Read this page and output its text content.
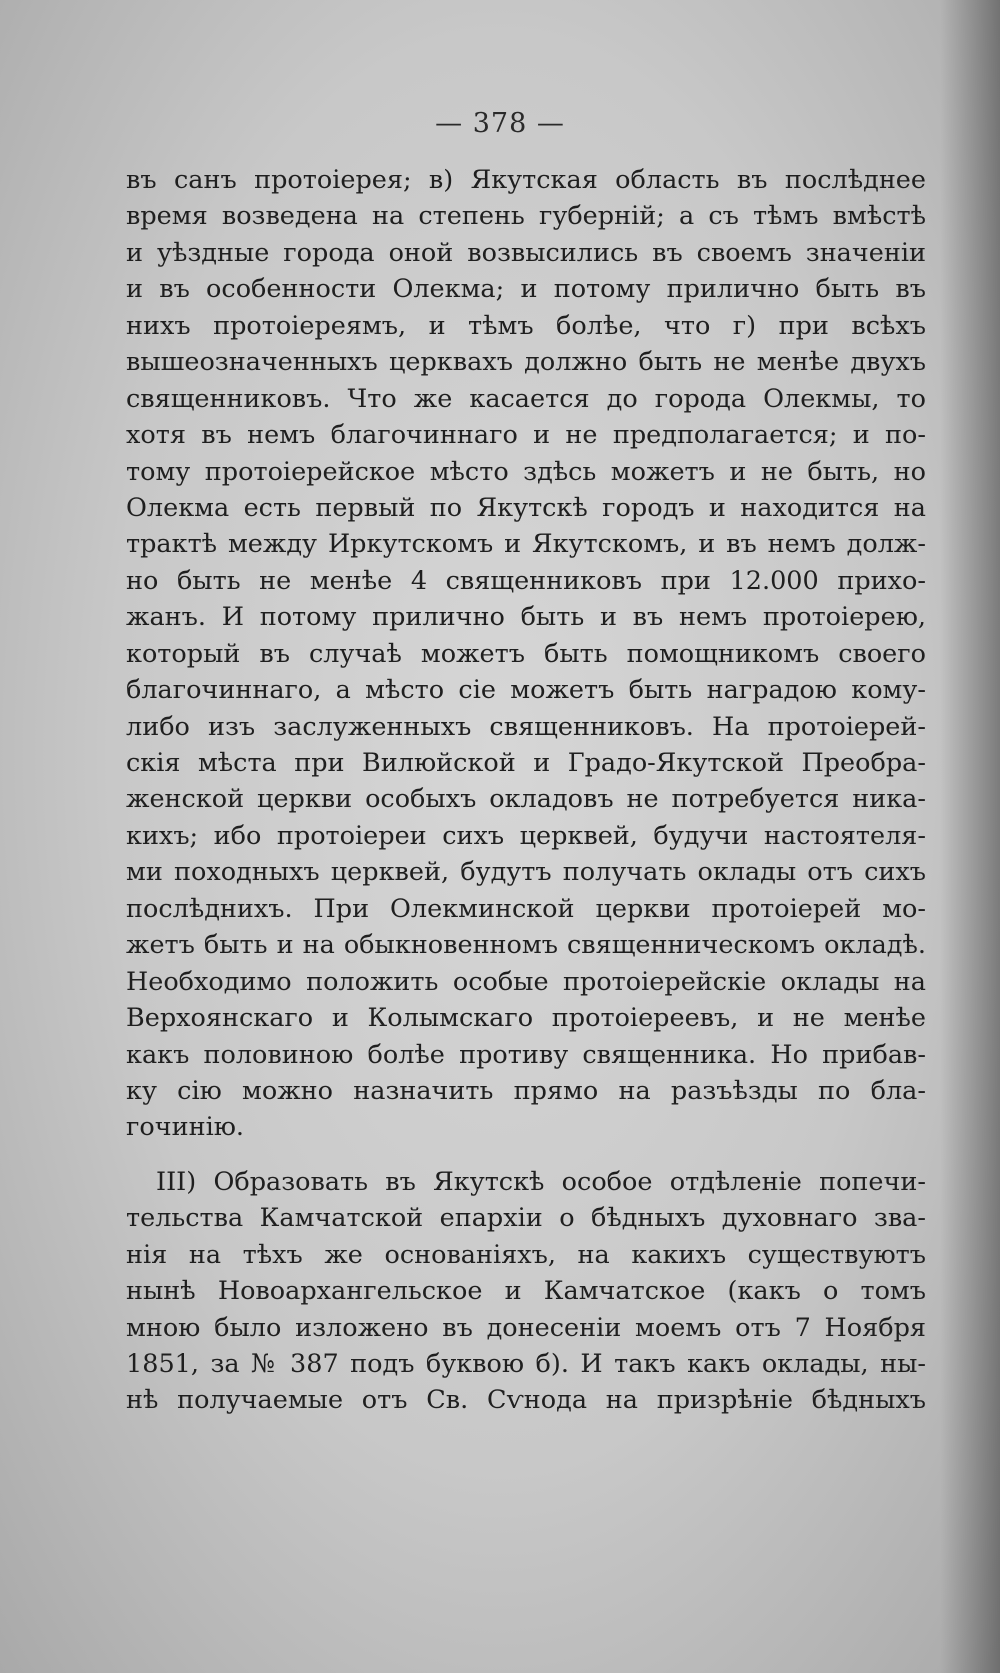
— 378 —
въ санъ протоіерея; в) Якутская область въ послѣднее
время возведена на степень губерній; а съ тѣмъ вмѣстѣ
и уѣздные города оной возвысились въ своемъ значеніи
и въ особенности Олекма; и потому прилично быть въ
нихъ протоіереямъ, и тѣмъ болѣе, что г) при всѣхъ
вышеозначенныхъ церквахъ должно быть не менѣе двухъ
священниковъ. Что же касается до города Олекмы, то
хотя въ немъ благочиннаго и не предполагается; и по-
тому протоіерейское мѣсто здѣсь можетъ и не быть, но
Олекма есть первый по Якутскѣ городъ и находится на
трактѣ между Иркутскомъ и Якутскомъ, и въ немъ долж-
но быть не менѣе 4 священниковъ при 12.000 прихо-
жанъ. И потому прилично быть и въ немъ протоіерею,
который въ случаѣ можетъ быть помощникомъ своего
благочиннаго, а мѣсто сіе можетъ быть наградою кому-
либо изъ заслуженныхъ священниковъ. На протоіерей-
скія мѣста при Вилюйской и Градо-Якутской Преобра-
женской церкви особыхъ окладовъ не потребуется ника-
кихъ; ибо протоіереи сихъ церквей, будучи настоятеля-
ми походныхъ церквей, будутъ получать оклады отъ сихъ
послѣднихъ. При Олекминской церкви протоіерей мо-
жетъ быть и на обыкновенномъ священническомъ окладѣ.
Необходимо положить особые протоіерейскіе оклады на
Верхоянскаго и Колымскаго протоіереевъ, и не менѣе
какъ половиною болѣе противу священника. Но прибав-
ку сію можно назначить прямо на разъѣзды по бла-
гочинію.
III) Образовать въ Якутскѣ особое отдѣленіе попечи-
тельства Камчатской епархіи о бѣдныхъ духовнаго зва-
нія на тѣхъ же основаніяхъ, на какихъ существуютъ
нынѣ Новоархангельское и Камчатское (какъ о томъ
мною было изложено въ донесеніи моемъ отъ 7 Ноября
1851, за № 387 подъ буквою б). И такъ какъ оклады, ны-
нѣ получаемые отъ Св. Сѵнода на призрѣніе бѣдныхъ
